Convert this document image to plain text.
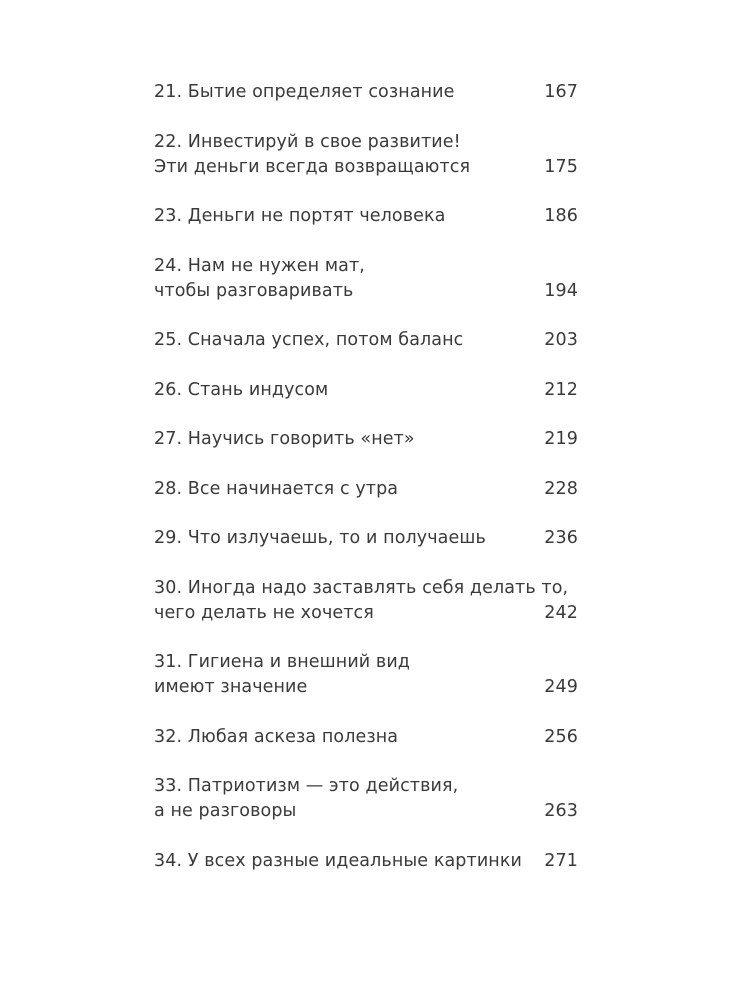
21. Бытие определяет сознание	167
22. Инвестируй в свое развитие!
Эти деньги всегда возвращаются	175
23. Деньги не портят человека	186
24. Нам не нужен мат,
чтобы разговаривать	194
25. Сначала успех, потом баланс	203
26. Стань индусом	212
27. Научись говорить «нет»	219
28. Все начинается с утра	228
29. Что излучаешь, то и получаешь	236
30. Иногда надо заставлять себя делать то,
чего делать не хочется	242
31. Гигиена и внешний вид
имеют значение	249
32. Любая аскеза полезна	256
33. Патриотизм — это действия,
а не разговоры	263
34. У всех разные идеальные картинки 271
